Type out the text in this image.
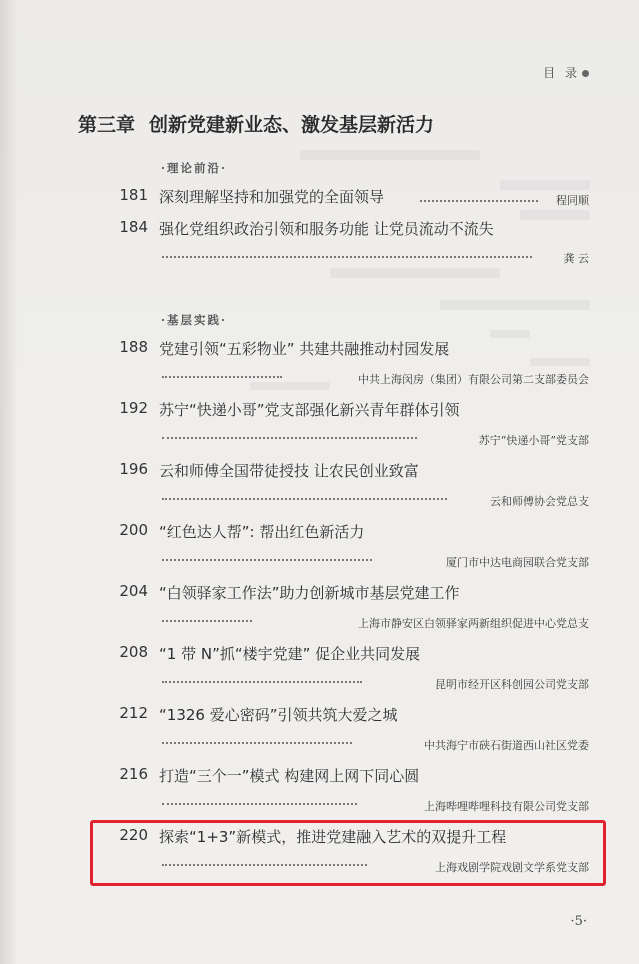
目 录
第三章 创新党建新业态、激发基层新活力
·理论前沿·
181 深刻理解坚持和加强党的全面领导	程同顺
184 强化党组织政治引领和服务功能 让党员流动不流失
龚 云
·基层实践·
188 党建引领“五彩物业” 共建共融推动村园发展
中共上海闵房（集团）有限公司第二支部委员会
192 苏宁“快递小哥”党支部强化新兴青年群体引领
苏宁“快递小哥”党支部
196 云和师傅全国带徒授技 让农民创业致富
云和师傅协会党总支
200 “红色达人帮”: 帮出红色新活力
厦门市中达电商园联合党支部
204 “白领驿家工作法”助力创新城市基层党建工作
上海市静安区白领驿家两新组织促进中心党总支
208 “1 带 N”抓“楼宇党建” 促企业共同发展
昆明市经开区科创园公司党支部
212 “1326 爱心密码”引领共筑大爱之城
中共海宁市硖石街道西山社区党委
216 打造“三个一”模式 构建网上网下同心圆
上海哔哩哔哩科技有限公司党支部
220 探索“1+3”新模式，推进党建融入艺术的双提升工程
上海戏剧学院戏剧文学系党支部
·5·
